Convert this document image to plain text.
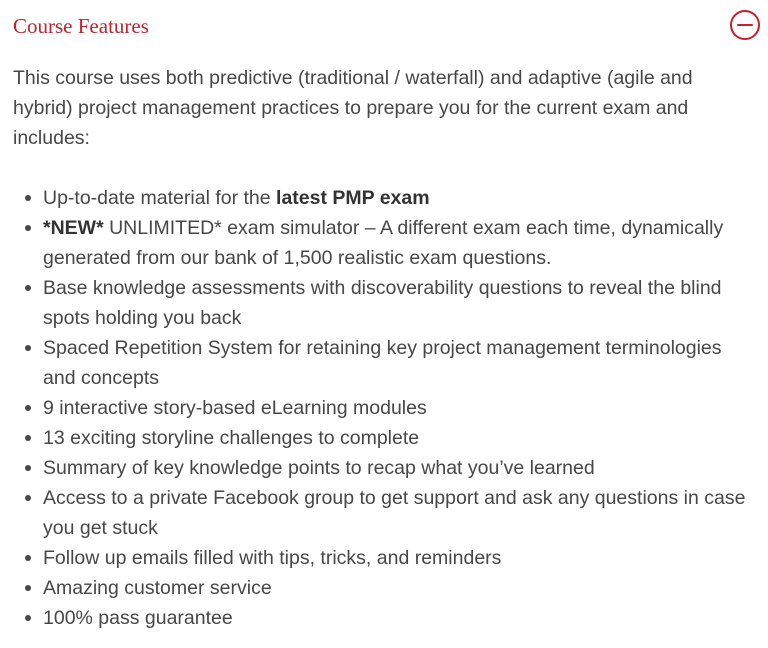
Course Features

This course uses both predictive (traditional / waterfall) and adaptive (agile and hybrid) project management practices to prepare you for the current exam and includes:

Up-to-date material for the latest PMP exam
*NEW* UNLIMITED* exam simulator – A different exam each time, dynamically generated from our bank of 1,500 realistic exam questions.
Base knowledge assessments with discoverability questions to reveal the blind spots holding you back
Spaced Repetition System for retaining key project management terminologies and concepts
9 interactive story-based eLearning modules
13 exciting storyline challenges to complete
Summary of key knowledge points to recap what you’ve learned
Access to a private Facebook group to get support and ask any questions in case you get stuck
Follow up emails filled with tips, tricks, and reminders
Amazing customer service
100% pass guarantee
